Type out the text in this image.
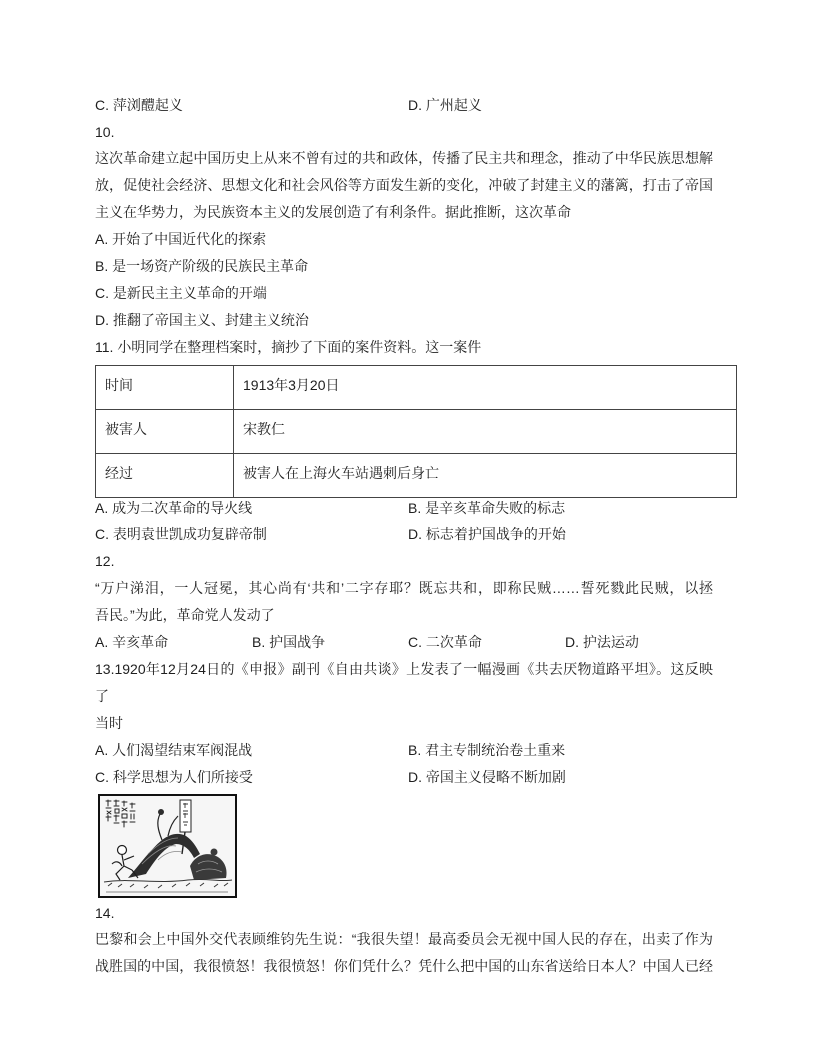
C. 萍浏醴起义	D. 广州起义
10.
这次革命建立起中国历史上从来不曾有过的共和政体，传播了民主共和理念，推动了中华民族思想解
放，促使社会经济、思想文化和社会风俗等方面发生新的变化，冲破了封建主义的藩篱，打击了帝国
主义在华势力，为民族资本主义的发展创造了有利条件。据此推断，这次革命
A. 开始了中国近代化的探索
B. 是一场资产阶级的民族民主革命
C. 是新民主主义革命的开端
D. 推翻了帝国主义、封建主义统治
11. 小明同学在整理档案时，摘抄了下面的案件资料。这一案件
时间	1913年3月20日
被害人	宋教仁
经过	被害人在上海火车站遇刺后身亡
A. 成为二次革命的导火线	B. 是辛亥革命失败的标志
C. 表明袁世凯成功复辟帝制	D. 标志着护国战争的开始
12.
“万户涕泪，一人冠冕，其心尚有‘共和’二字存耶？既忘共和，即称民贼……誓死戮此民贼，以拯
吾民。”为此，革命党人发动了
A. 辛亥革命	B. 护国战争	C. 二次革命	D. 护法运动
13.1920年12月24日的《申报》副刊《自由共谈》上发表了一幅漫画《共去厌物道路平坦》。这反映了
当时
A. 人们渴望结束军阀混战	B. 君主专制统治卷土重来
C. 科学思想为人们所接受	D. 帝国主义侵略不断加剧
14.
巴黎和会上中国外交代表顾维钧先生说：“我很失望！最高委员会无视中国人民的存在，出卖了作为
战胜国的中国，我很愤怒！我很愤怒！你们凭什么？凭什么把中国的山东省送给日本人？中国人已经
